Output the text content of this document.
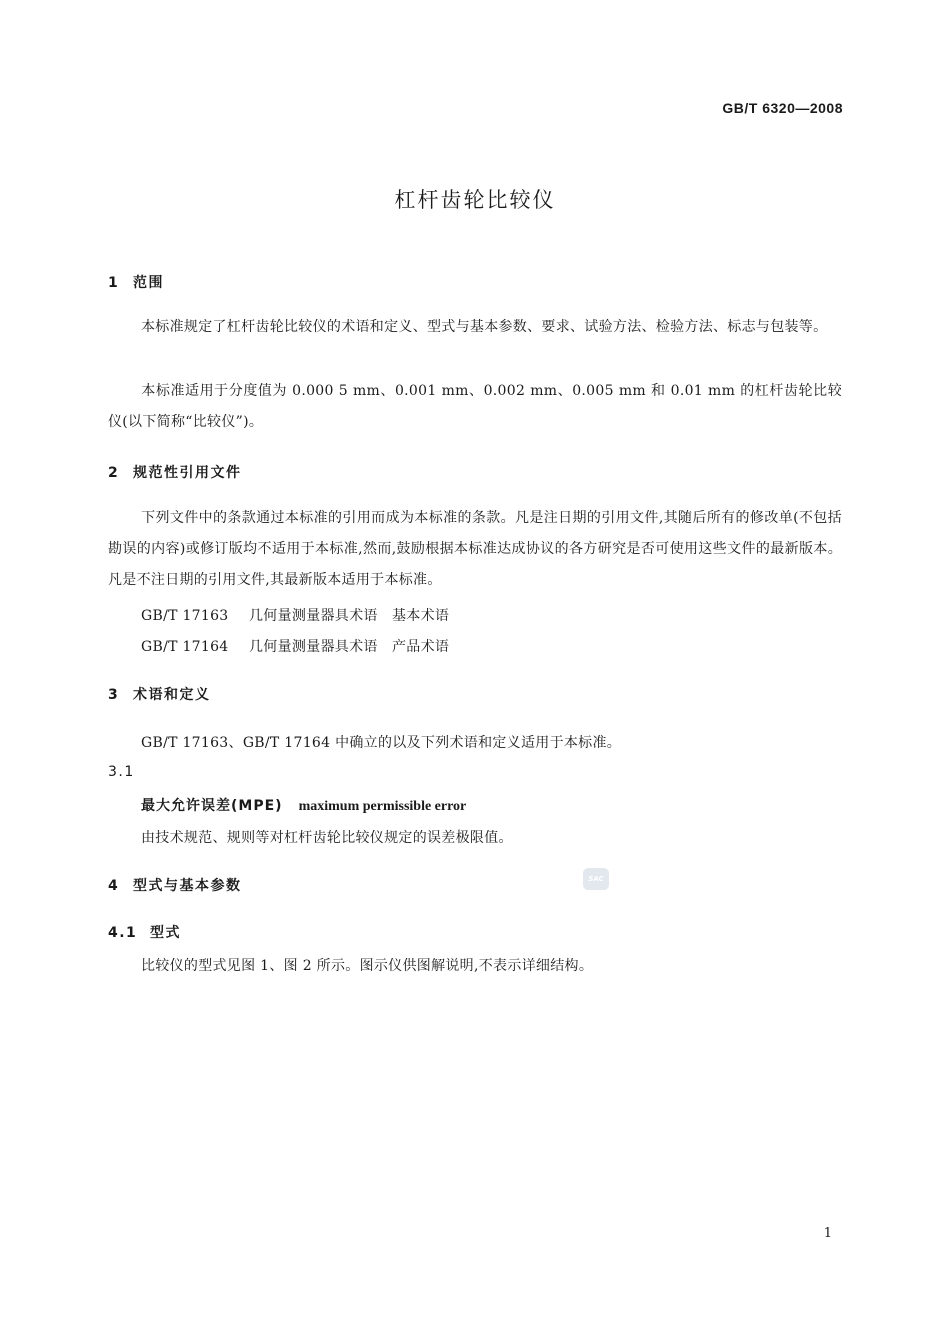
GB/T 6320—2008
杠杆齿轮比较仪
1 范围
本标准规定了杠杆齿轮比较仪的术语和定义、型式与基本参数、要求、试验方法、检验方法、标志与包装等。
本标准适用于分度值为 0.000 5 mm、0.001 mm、0.002 mm、0.005 mm 和 0.01 mm 的杠杆齿轮比较仪(以下简称“比较仪”)。
2 规范性引用文件
下列文件中的条款通过本标准的引用而成为本标准的条款。凡是注日期的引用文件,其随后所有的修改单(不包括勘误的内容)或修订版均不适用于本标准,然而,鼓励根据本标准达成协议的各方研究是否可使用这些文件的最新版本。凡是不注日期的引用文件,其最新版本适用于本标准。
GB/T 17163 几何量测量器具术语　基本术语
GB/T 17164 几何量测量器具术语　产品术语
3 术语和定义
GB/T 17163、GB/T 17164 中确立的以及下列术语和定义适用于本标准。
3.1
最大允许误差(MPE) maximum permissible error
由技术规范、规则等对杠杆齿轮比较仪规定的误差极限值。
4 型式与基本参数	SAC
4.1 型式
比较仪的型式见图 1、图 2 所示。图示仪供图解说明,不表示详细结构。
1
